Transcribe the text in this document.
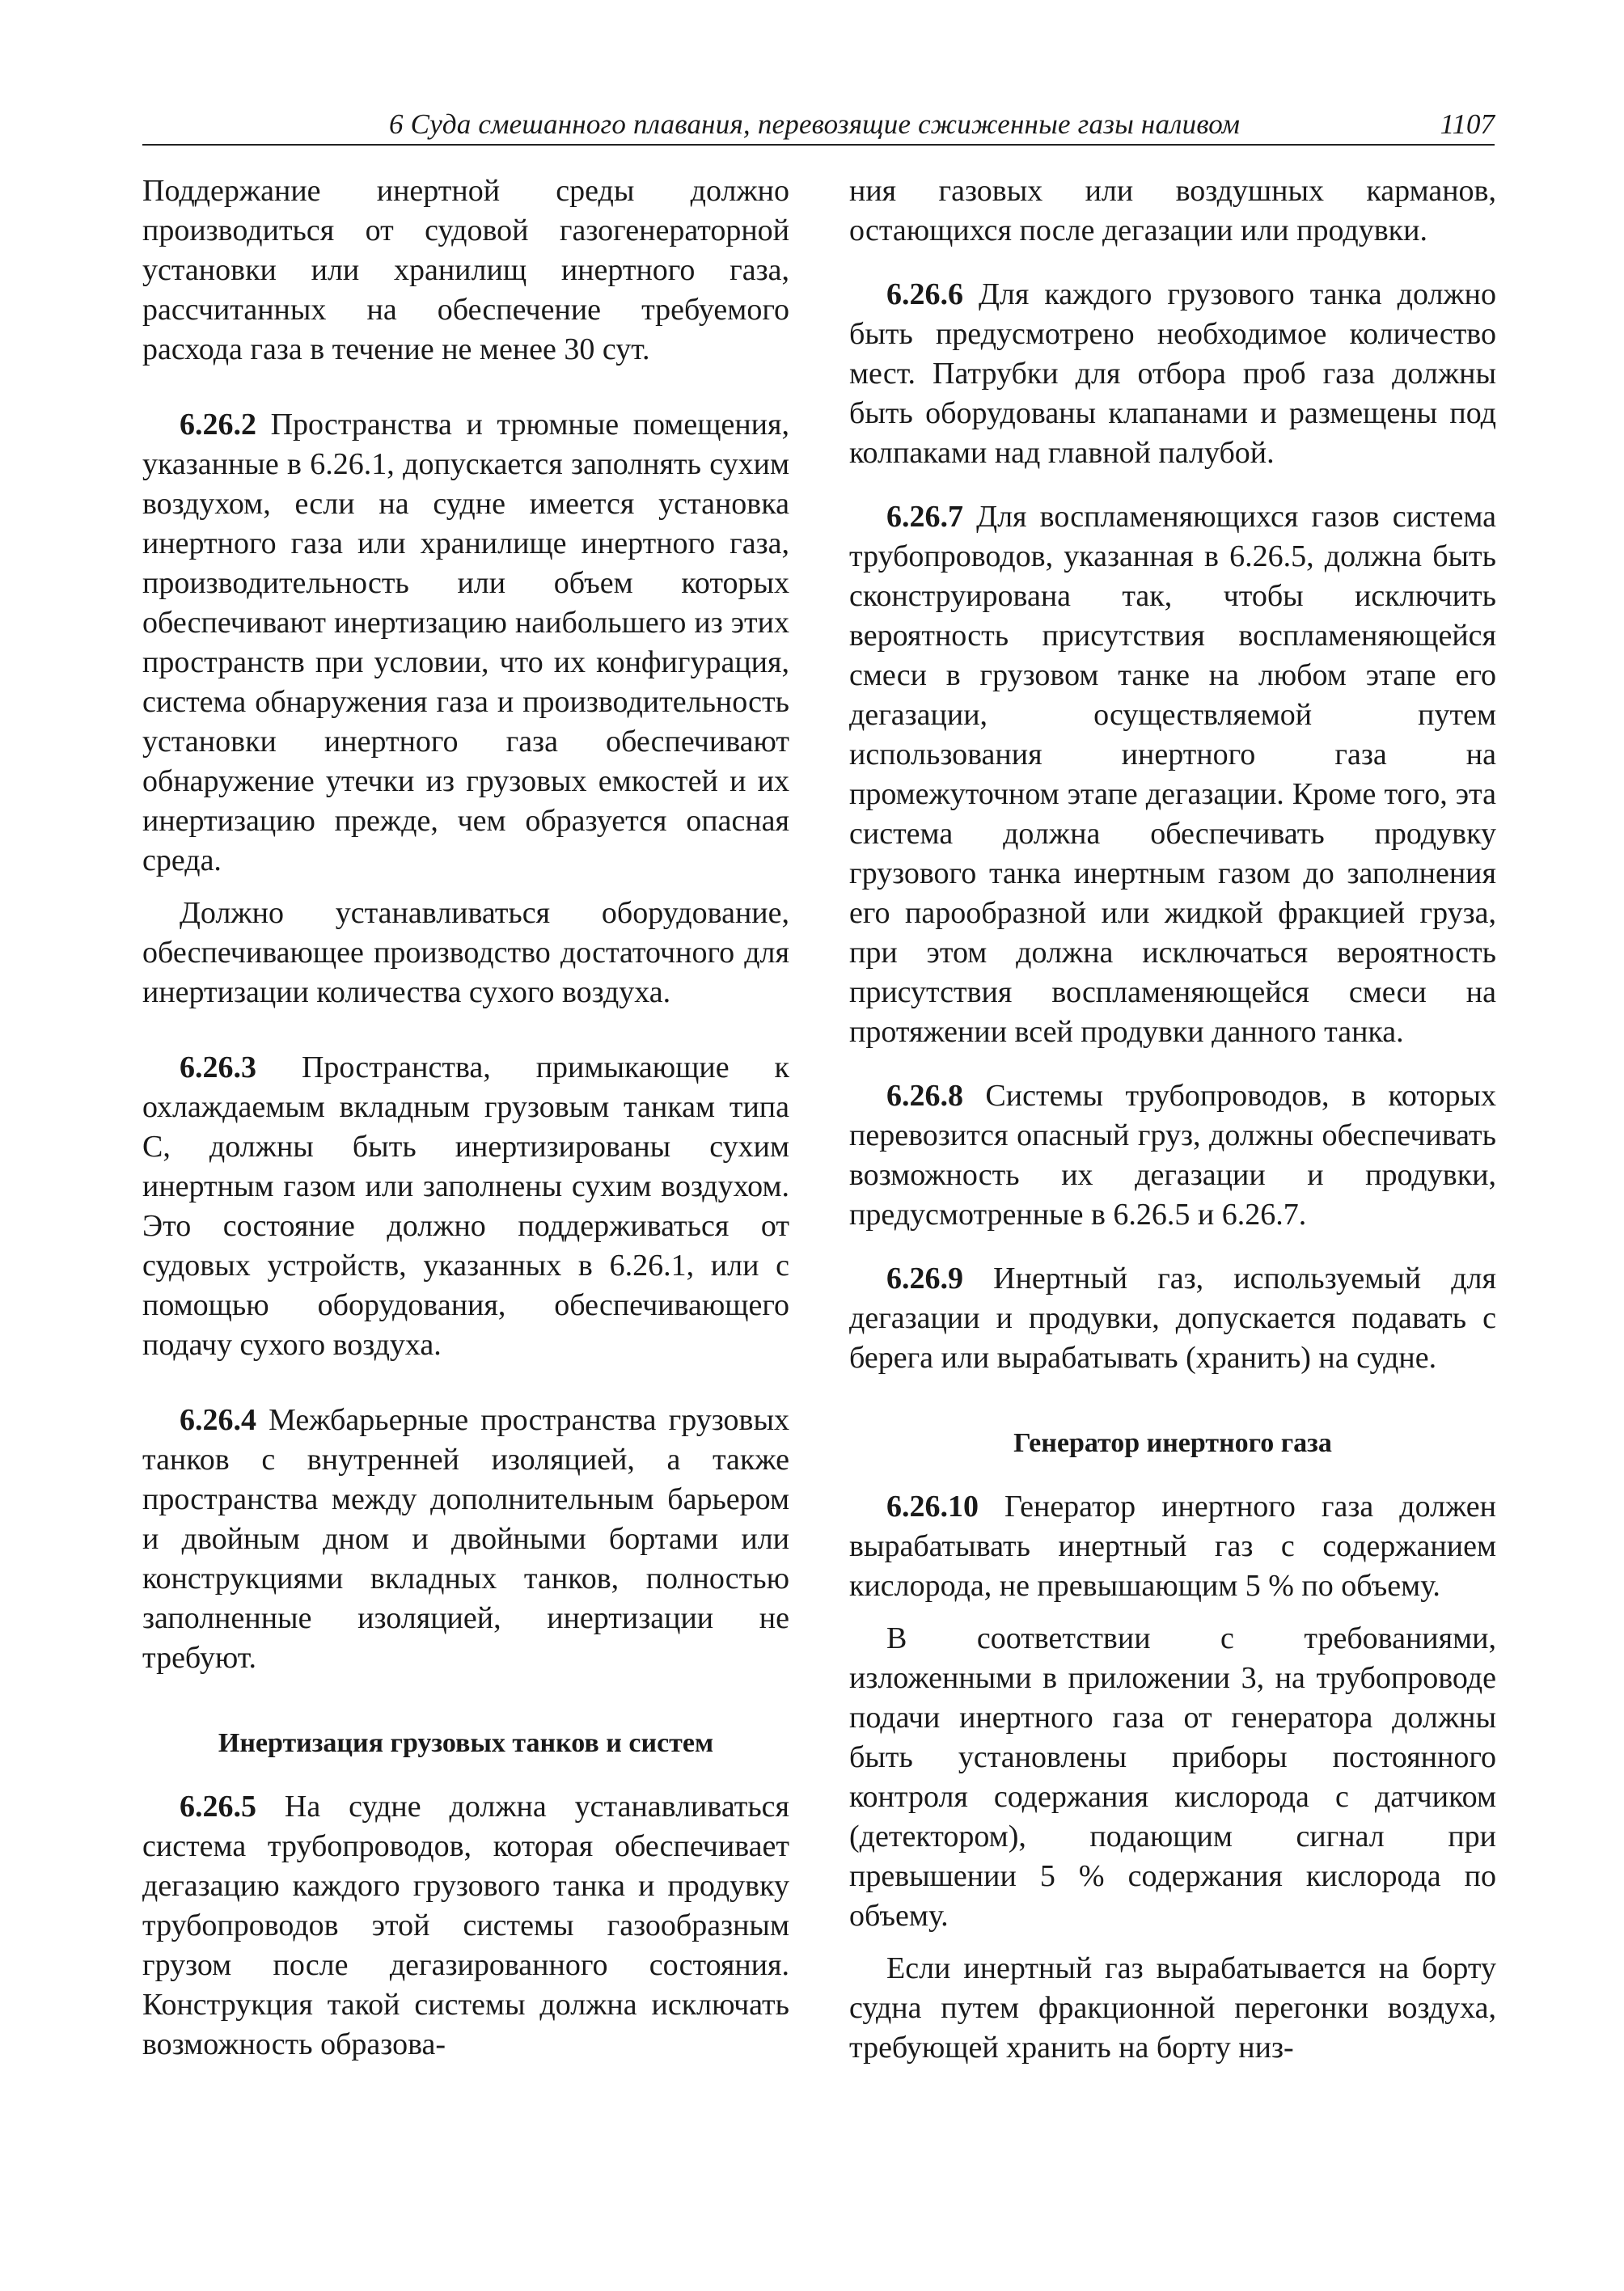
6 Суда смешанного плавания, перевозящие сжиженные газы наливом	1107

Поддержание инертной среды должно производиться от судовой газогенераторной установки или хранилищ инертного газа, рассчитанных на обеспечение требуемого расхода газа в течение не менее 30 сут.

6.26.2 Пространства и трюмные помещения, указанные в 6.26.1, допускается заполнять сухим воздухом, если на судне имеется установка инертного газа или хранилище инертного газа, производительность или объем которых обеспечивают инертизацию наибольшего из этих пространств при условии, что их конфигурация, система обнаружения газа и производительность установки инертного газа обеспечивают обнаружение утечки из грузовых емкостей и их инертизацию прежде, чем образуется опасная среда.

Должно устанавливаться оборудование, обеспечивающее производство достаточного для инертизации количества сухого воздуха.

6.26.3 Пространства, примыкающие к охлаждаемым вкладным грузовым танкам типа С, должны быть инертизированы сухим инертным газом или заполнены сухим воздухом. Это состояние должно поддерживаться от судовых устройств, указанных в 6.26.1, или с помощью оборудования, обеспечивающего подачу сухого воздуха.

6.26.4 Межбарьерные пространства грузовых танков с внутренней изоляцией, а также пространства между дополнительным барьером и двойным дном и двойными бортами или конструкциями вкладных танков, полностью заполненные изоляцией, инертизации не требуют.

Инертизация грузовых танков и систем

6.26.5 На судне должна устанавливаться система трубопроводов, которая обеспечивает дегазацию каждого грузового танка и продувку трубопроводов этой системы газообразным грузом после дегазированного состояния. Конструкция такой системы должна исключать возможность образова-

ния газовых или воздушных карманов, остающихся после дегазации или продувки.

6.26.6 Для каждого грузового танка должно быть предусмотрено необходимое количество мест. Патрубки для отбора проб газа должны быть оборудованы клапанами и размещены под колпаками над главной палубой.

6.26.7 Для воспламеняющихся газов система трубопроводов, указанная в 6.26.5, должна быть сконструирована так, чтобы исключить вероятность присутствия воспламеняющейся смеси в грузовом танке на любом этапе его дегазации, осуществляемой путем использования инертного газа на промежуточном этапе дегазации. Кроме того, эта система должна обеспечивать продувку грузового танка инертным газом до заполнения его парообразной или жидкой фракцией груза, при этом должна исключаться вероятность присутствия воспламеняющейся смеси на протяжении всей продувки данного танка.

6.26.8 Системы трубопроводов, в которых перевозится опасный груз, должны обеспечивать возможность их дегазации и продувки, предусмотренные в 6.26.5 и 6.26.7.

6.26.9 Инертный газ, используемый для дегазации и продувки, допускается подавать с берега или вырабатывать (хранить) на судне.

Генератор инертного газа

6.26.10 Генератор инертного газа должен вырабатывать инертный газ с содержанием кислорода, не превышающим 5 % по объему.

В соответствии с требованиями, изложенными в приложении 3, на трубопроводе подачи инертного газа от генератора должны быть установлены приборы постоянного контроля содержания кислорода с датчиком (детектором), подающим сигнал при превышении 5 % содержания кислорода по объему.

Если инертный газ вырабатывается на борту судна путем фракционной перегонки воздуха, требующей хранить на борту низ-
